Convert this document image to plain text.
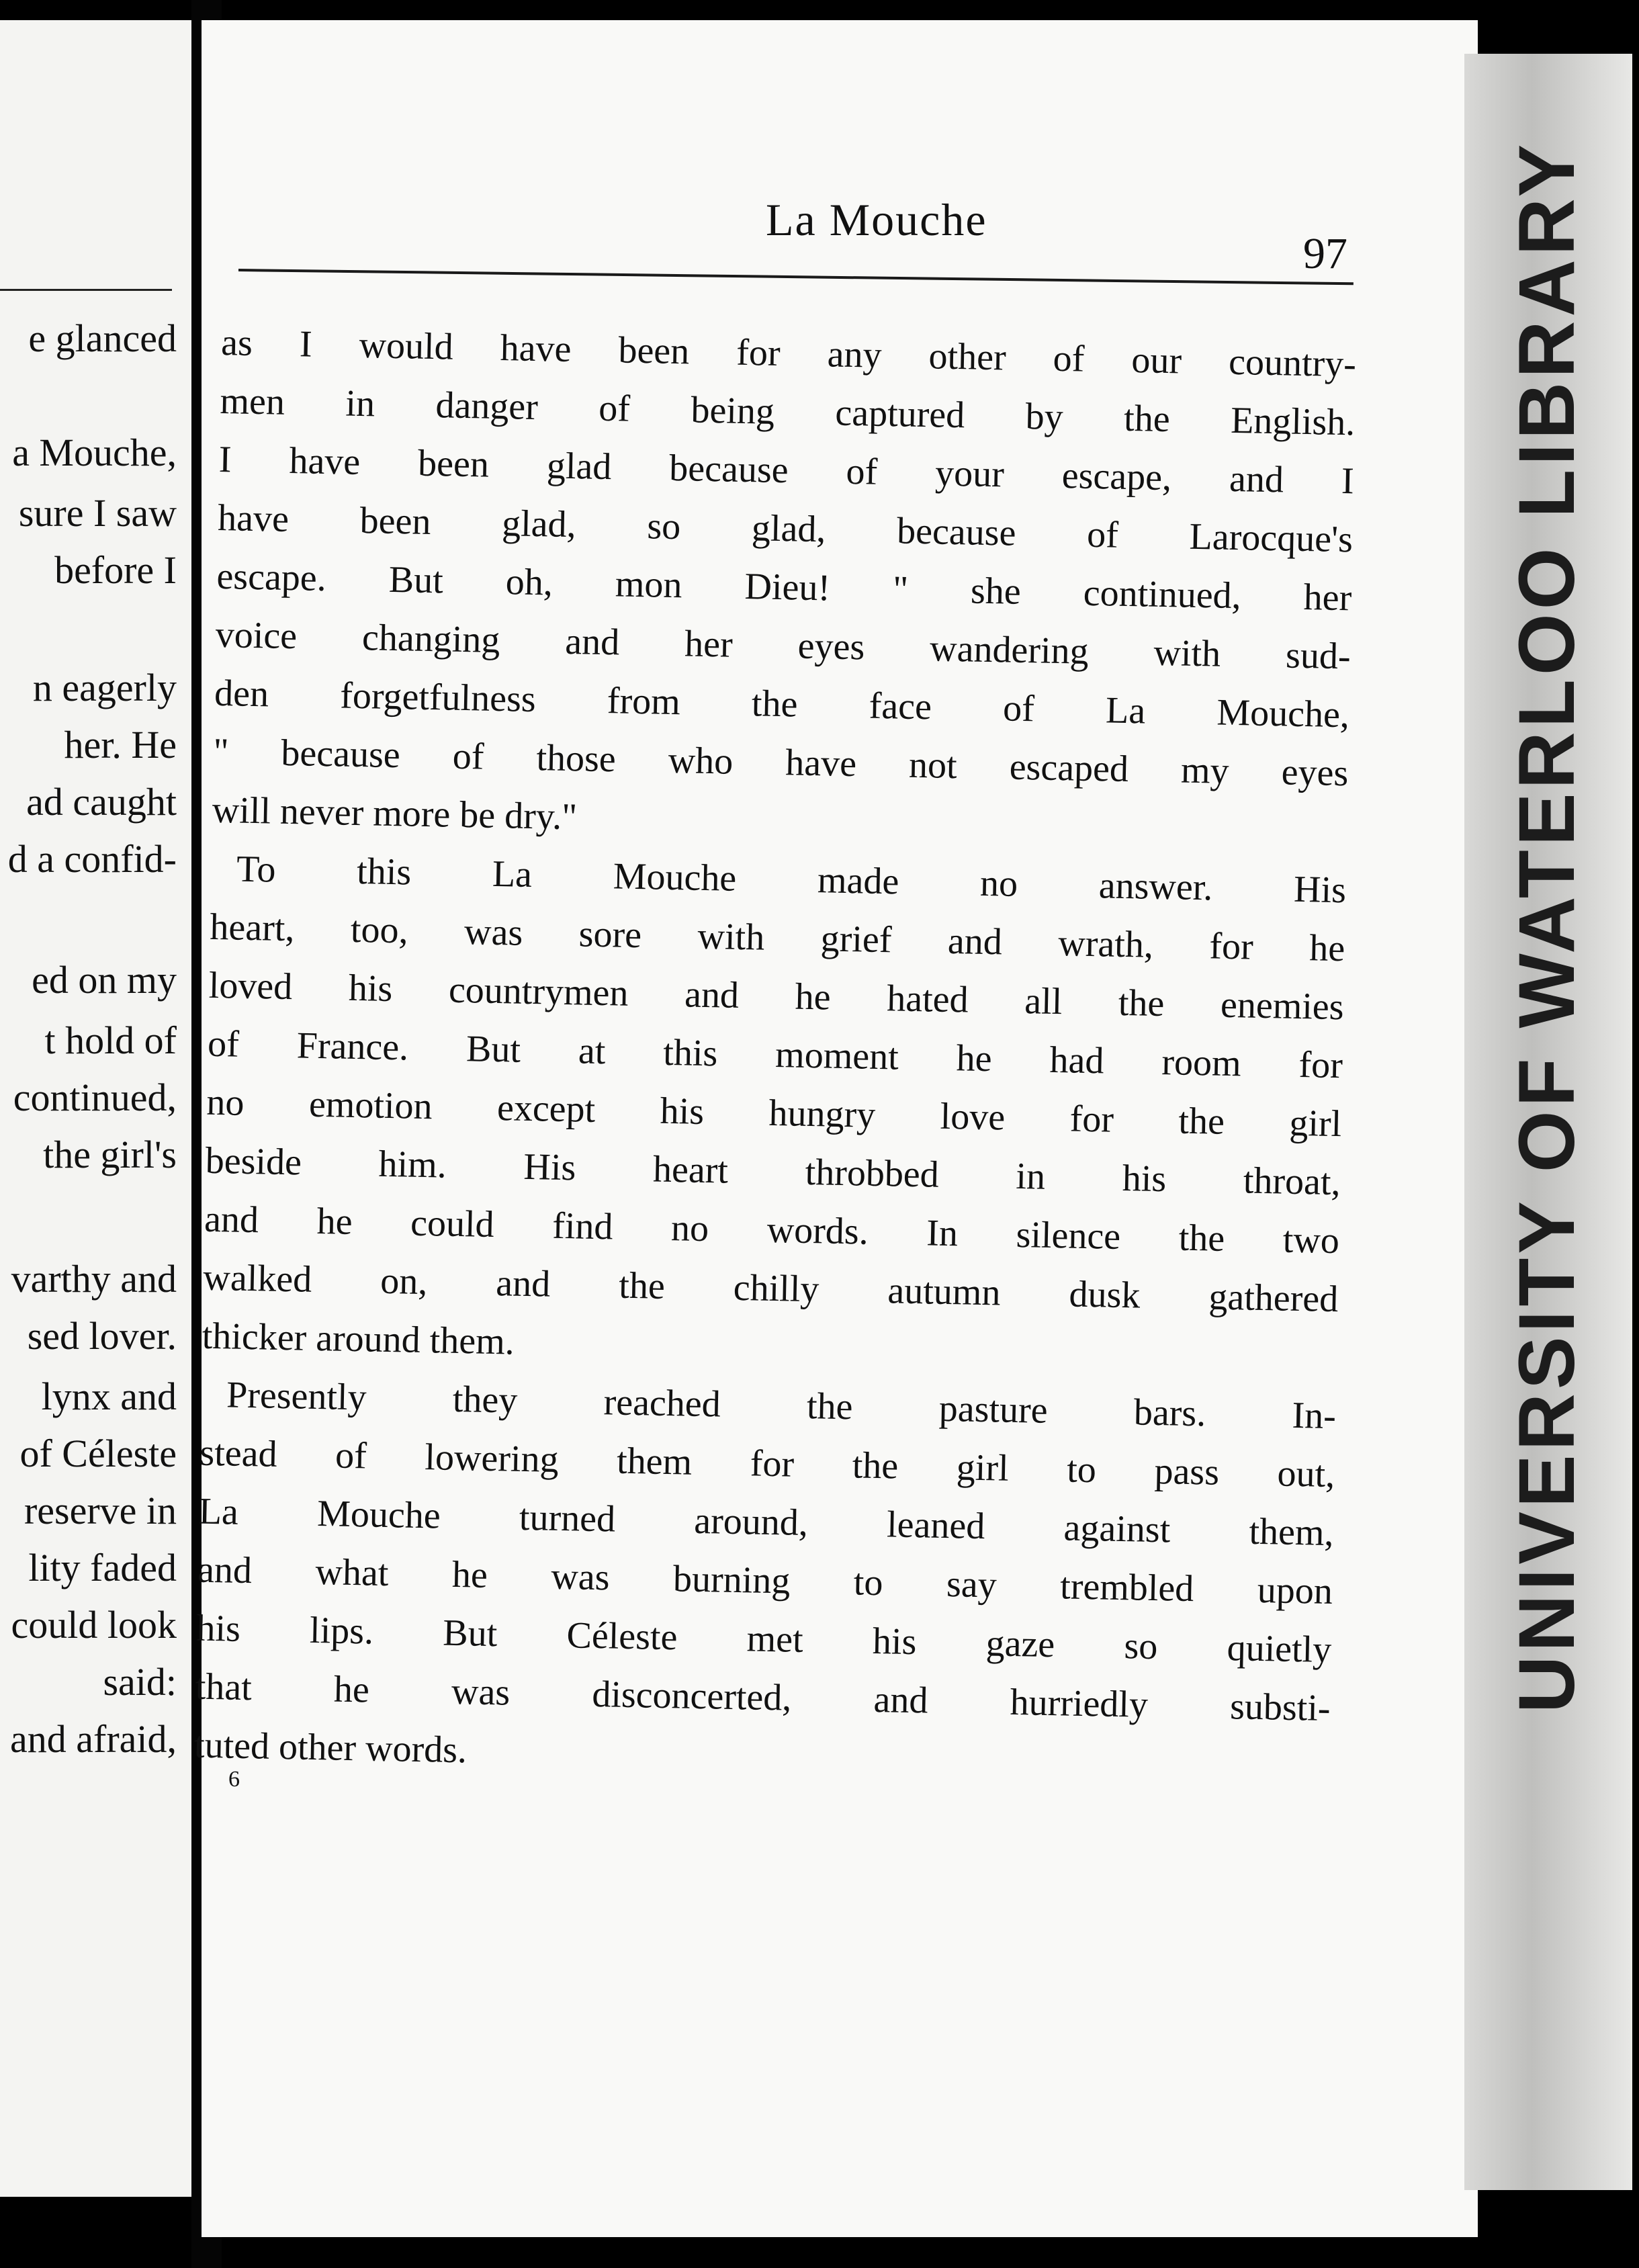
e glanced
a Mouche,
sure I saw
before I
n eagerly
her. He
ad caught
d a confid-
ed on my
t hold of
continued,
the girl's
varthy and
sed lover.
lynx and
of Céleste
reserve in
lity faded
could look
said:
and afraid,
La Mouche
97
as I would have been for any other of our country-
men in danger of being captured by the English.
I have been glad because of your escape, and I
have been glad, so glad, because of Larocque's
escape. But oh, mon Dieu! " she continued, her
voice changing and her eyes wandering with sud-
den forgetfulness from the face of La Mouche,
" because of those who have not escaped my eyes
will never more be dry."
To this La Mouche made no answer. His
heart, too, was sore with grief and wrath, for he
loved his countrymen and he hated all the enemies
of France. But at this moment he had room for
no emotion except his hungry love for the girl
beside him. His heart throbbed in his throat,
and he could find no words. In silence the two
walked on, and the chilly autumn dusk gathered
thicker around them.
Presently they reached the pasture bars. In-
stead of lowering them for the girl to pass out,
La Mouche turned around, leaned against them,
and what he was burning to say trembled upon
his lips. But Céleste met his gaze so quietly
that he was disconcerted, and hurriedly substi-
tuted other words.
6
UNIVERSITY OF WATERLOO LIBRARY
